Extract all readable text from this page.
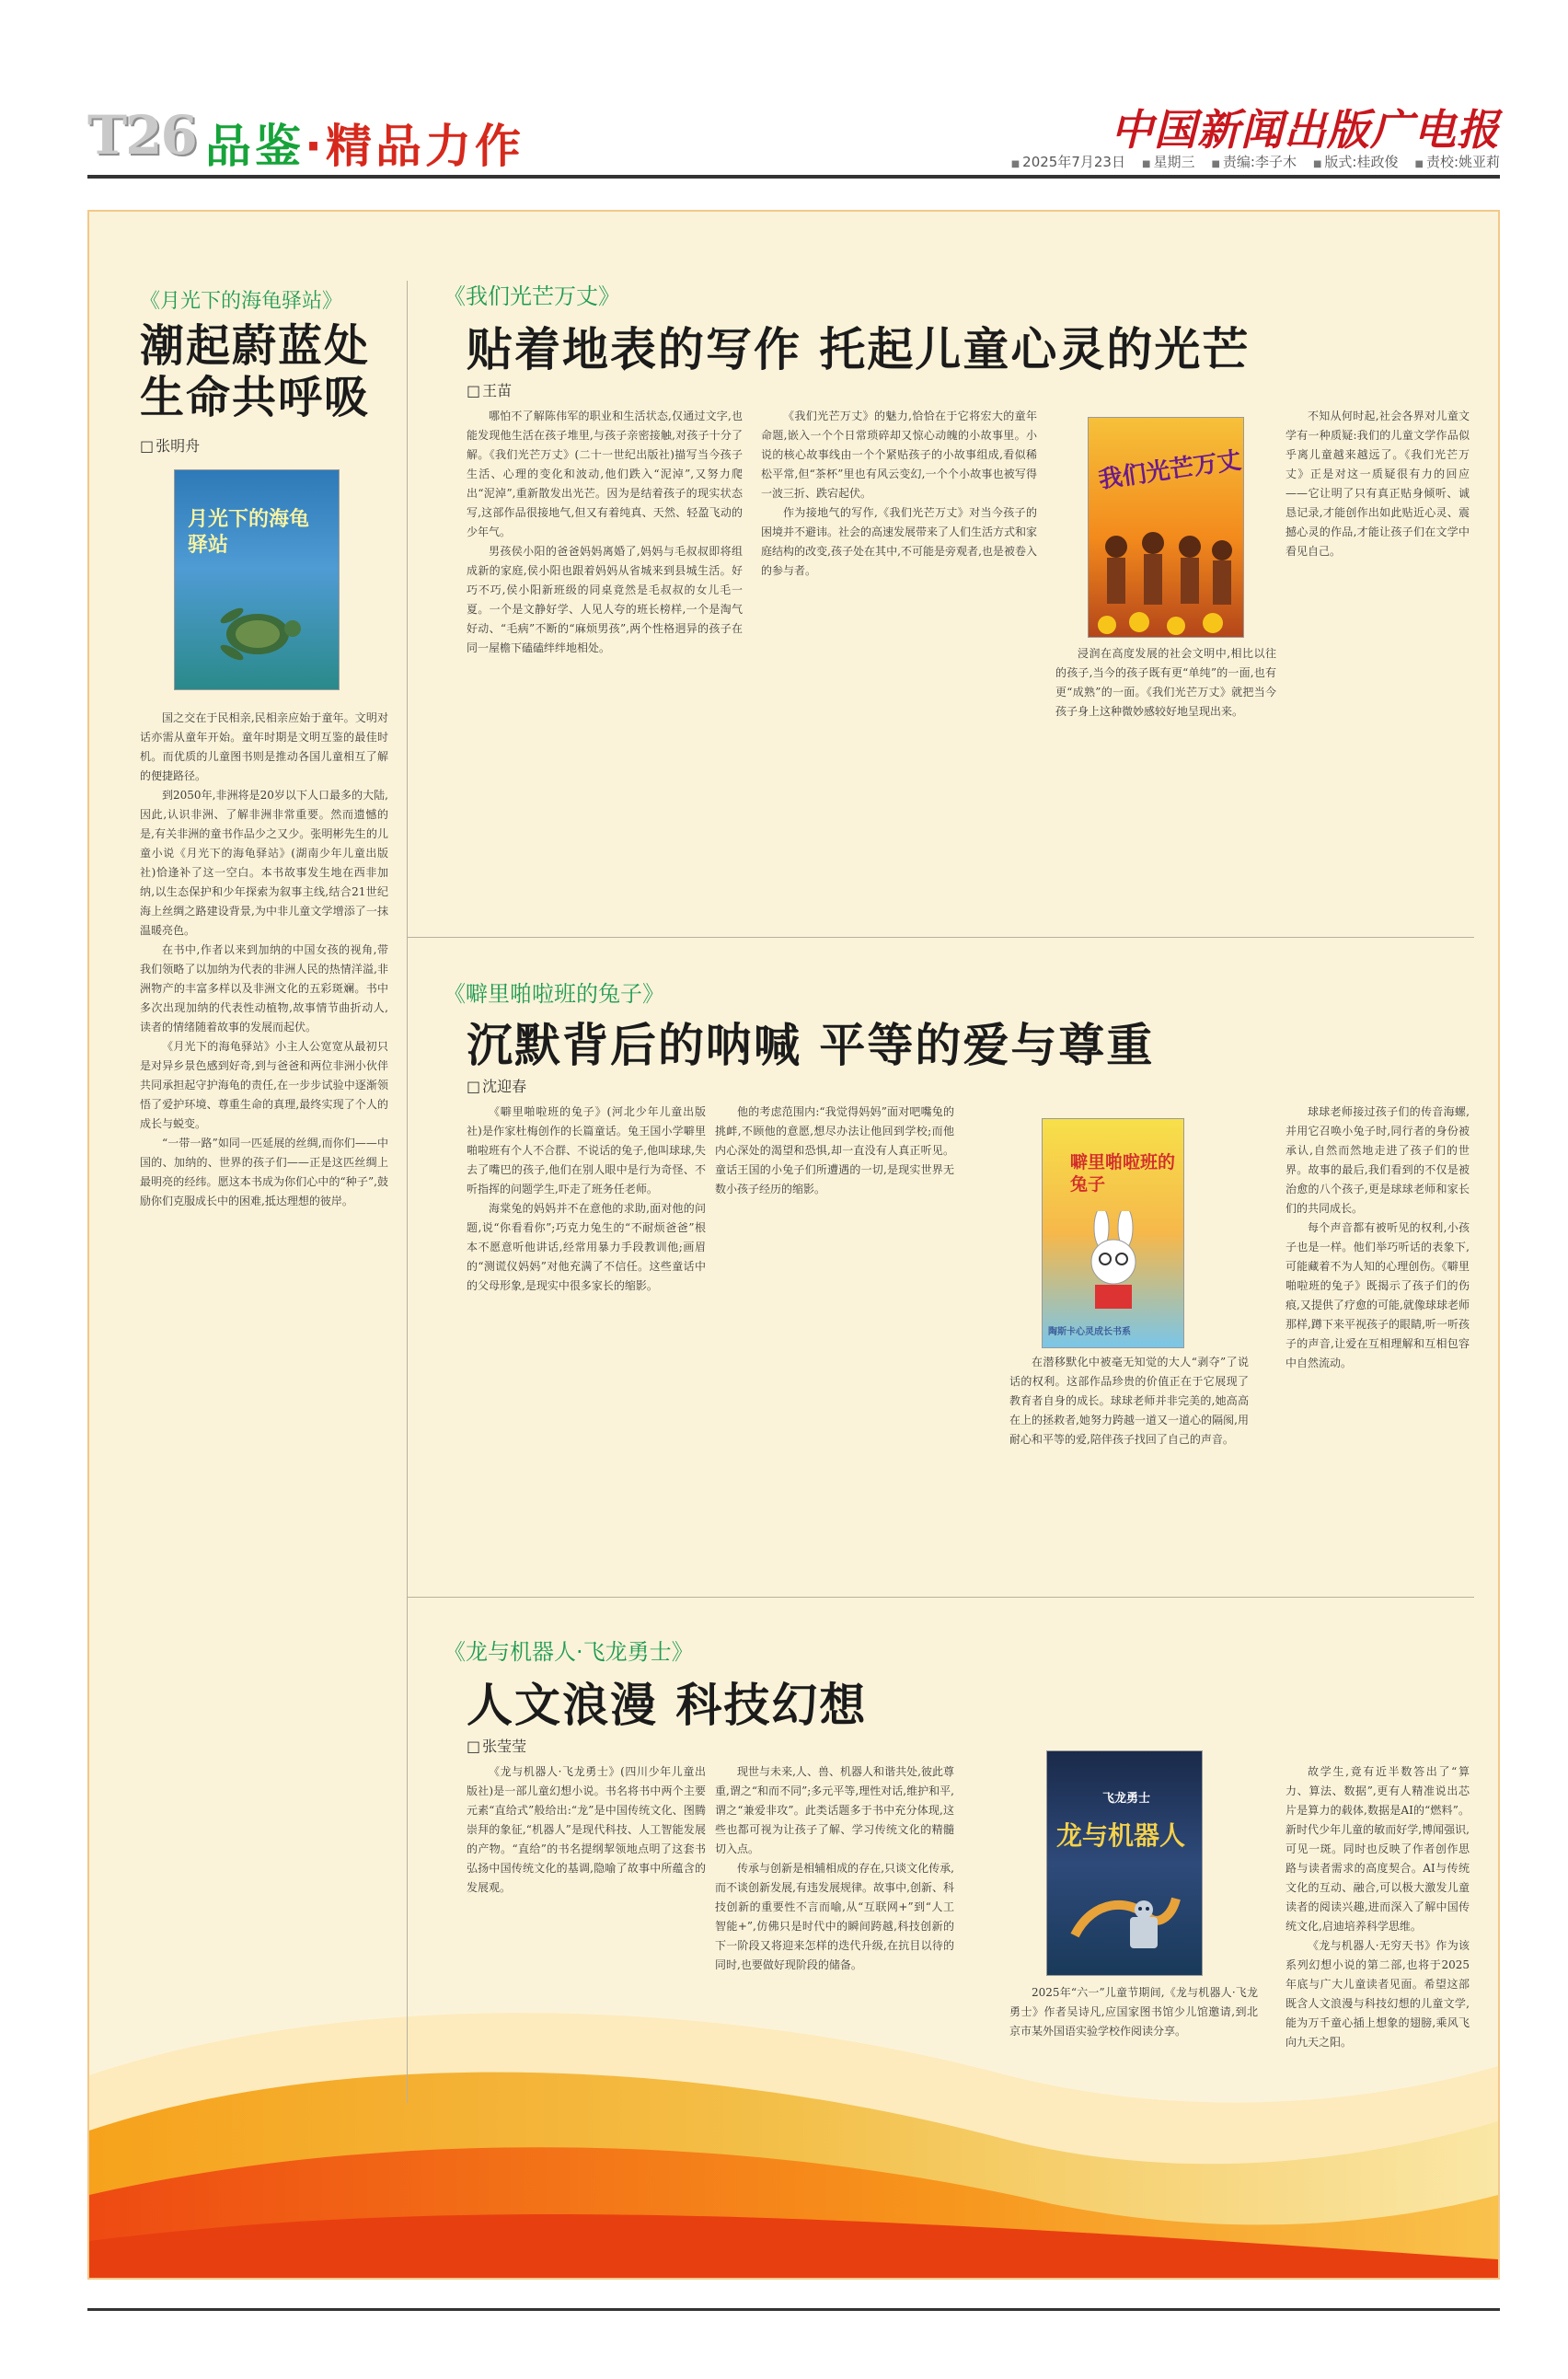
T26 品鉴·精品力作	中国新闻出版广电报
■ 2025年7月23日	■ 星期三	■ 责编:李子木	■ 版式:桂政俊	■ 责校:姚亚莉
《月光下的海龟驿站》
潮起蔚蓝处
生命共呼吸
□ 张明舟
月光下的海龟驿站

国之交在于民相亲,民相亲应始于童年。文明对话亦需从童年开始。童年时期是文明互鉴的最佳时机。而优质的儿童图书则是推动各国儿童相互了解的便捷路径。

到2050年,非洲将是20岁以下人口最多的大陆,因此,认识非洲、了解非洲非常重要。然而遗憾的是,有关非洲的童书作品少之又少。张明彬先生的儿童小说《月光下的海龟驿站》(湖南少年儿童出版社)恰逢补了这一空白。本书故事发生地在西非加纳,以生态保护和少年探索为叙事主线,结合21世纪海上丝绸之路建设背景,为中非儿童文学增添了一抹温暖亮色。

在书中,作者以来到加纳的中国女孩的视角,带我们领略了以加纳为代表的非洲人民的热情洋溢,非洲物产的丰富多样以及非洲文化的五彩斑斓。书中多次出现加纳的代表性动植物,故事情节曲折动人,读者的情绪随着故事的发展而起伏。

《月光下的海龟驿站》小主人公宽宽从最初只是对异乡景色感到好奇,到与爸爸和两位非洲小伙伴共同承担起守护海龟的责任,在一步步试验中逐渐领悟了爱护环境、尊重生命的真理,最终实现了个人的成长与蜕变。

“一带一路”如同一匹延展的丝绸,而你们——中国的、加纳的、世界的孩子们——正是这匹丝绸上最明亮的经纬。愿这本书成为你们心中的“种子”,鼓励你们克服成长中的困难,抵达理想的彼岸。

《我们光芒万丈》
贴着地表的写作 托起儿童心灵的光芒
□ 王苗

哪怕不了解陈伟军的职业和生活状态,仅通过文字,也能发现他生活在孩子堆里,与孩子亲密接触,对孩子十分了解。《我们光芒万丈》(二十一世纪出版社)描写当今孩子生活、心理的变化和波动,他们跌入“泥淖”,又努力爬出“泥淖”,重新散发出光芒。因为是结着孩子的现实状态写,这部作品很接地气,但又有着纯真、天然、轻盈飞动的少年气。

男孩侯小阳的爸爸妈妈离婚了,妈妈与毛叔叔即将组成新的家庭,侯小阳也跟着妈妈从省城来到县城生活。好巧不巧,侯小阳新班级的同桌竟然是毛叔叔的女儿毛一夏。一个是文静好学、人见人夸的班长榜样,一个是淘气好动、“毛病”不断的“麻烦男孩”,两个性格迥异的孩子在同一屋檐下磕磕绊绊地相处。

《我们光芒万丈》的魅力,恰恰在于它将宏大的童年命题,嵌入一个个日常琐碎却又惊心动魄的小故事里。小说的核心故事线由一个个紧贴孩子的小故事组成,看似稀松平常,但“茶杯”里也有风云变幻,一个个小故事也被写得一波三折、跌宕起伏。

作为接地气的写作,《我们光芒万丈》对当今孩子的困境并不避讳。社会的高速发展带来了人们生活方式和家庭结构的改变,孩子处在其中,不可能是旁观者,也是被卷入的参与者。

我们光芒万丈

浸润在高度发展的社会文明中,相比以往的孩子,当今的孩子既有更“单纯”的一面,也有更“成熟”的一面。《我们光芒万丈》就把当今孩子身上这种微妙感较好地呈现出来。

不知从何时起,社会各界对儿童文学有一种质疑:我们的儿童文学作品似乎离儿童越来越远了。《我们光芒万丈》正是对这一质疑很有力的回应——它让明了只有真正贴身倾听、诚恳记录,才能创作出如此贴近心灵、震撼心灵的作品,才能让孩子们在文学中看见自己。

《噼里啪啦班的兔子》
沉默背后的呐喊 平等的爱与尊重
□ 沈迎春

《噼里啪啦班的兔子》(河北少年儿童出版社)是作家杜梅创作的长篇童话。兔王国小学噼里啪啦班有个人不合群、不说话的兔子,他叫球球,失去了嘴巴的孩子,他们在别人眼中是行为奇怪、不听指挥的问题学生,吓走了班务任老师。

海棠兔的妈妈并不在意他的求助,面对他的问题,说“你看看你”;巧克力兔生的“不耐烦爸爸”根本不愿意听他讲话,经常用暴力手段教训他;画眉的“测谎仪妈妈”对他充满了不信任。这些童话中的父母形象,是现实中很多家长的缩影。

他的考虑范围内:“我觉得妈妈”面对吧嘴兔的挑衅,不顾他的意愿,想尽办法让他回到学校;而他内心深处的渴望和恐惧,却一直没有人真正听见。童话王国的小兔子们所遭遇的一切,是现实世界无数小孩子经历的缩影。

噼里啪啦班的兔子
陶斯卡心灵成长书系

在潜移默化中被毫无知觉的大人“剥夺”了说话的权利。这部作品珍贵的价值正在于它展现了教育者自身的成长。球球老师并非完美的,她高高在上的拯救者,她努力跨越一道又一道心的隔阂,用耐心和平等的爱,陪伴孩子找回了自己的声音。

球球老师接过孩子们的传音海螺,并用它召唤小兔子时,同行者的身份被承认,自然而然地走进了孩子们的世界。故事的最后,我们看到的不仅是被治愈的八个孩子,更是球球老师和家长们的共同成长。

每个声音都有被听见的权利,小孩子也是一样。他们举巧听话的表象下,可能藏着不为人知的心理创伤。《噼里啪啦班的兔子》既揭示了孩子们的伤痕,又提供了疗愈的可能,就像球球老师那样,蹲下来平视孩子的眼睛,听一听孩子的声音,让爱在互相理解和互相包容中自然流动。

《龙与机器人·飞龙勇士》
人文浪漫 科技幻想
□ 张莹莹

《龙与机器人·飞龙勇士》(四川少年儿童出版社)是一部儿童幻想小说。书名将书中两个主要元素“直给式”般给出:“龙”是中国传统文化、图腾崇拜的象征,“机器人”是现代科技、人工智能发展的产物。“直给”的书名提纲挈领地点明了这套书弘扬中国传统文化的基调,隐喻了故事中所蕴含的发展观。

现世与未来,人、兽、机器人和谐共处,彼此尊重,谓之“和而不同”;多元平等,理性对话,维护和平,谓之“兼爱非攻”。此类话题多于书中充分体现,这些也都可视为让孩子了解、学习传统文化的精髓切入点。

传承与创新是相辅相成的存在,只谈文化传承,而不谈创新发展,有违发展规律。故事中,创新、科技创新的重要性不言而喻,从“互联网+”到“人工智能+”,仿佛只是时代中的瞬间跨越,科技创新的下一阶段又将迎来怎样的迭代升级,在抗目以待的同时,也要做好现阶段的储备。

龙与机器人
飞龙勇士

2025年“六一”儿童节期间,《龙与机器人·飞龙勇士》作者吴诗凡,应国家图书馆少儿馆邀请,到北京市某外国语实验学校作阅读分享。

故学生,竟有近半数答出了“算力、算法、数据”,更有人精准说出芯片是算力的载体,数据是AI的“燃料”。新时代少年儿童的敏而好学,博闻强识,可见一斑。同时也反映了作者创作思路与读者需求的高度契合。AI与传统文化的互动、融合,可以极大激发儿童读者的阅读兴趣,进而深入了解中国传统文化,启迪培养科学思维。

《龙与机器人·无穷天书》作为该系列幻想小说的第二部,也将于2025年底与广大儿童读者见面。希望这部既含人文浪漫与科技幻想的儿童文学,能为万千童心插上想象的翅膀,乘风飞向九天之阳。
